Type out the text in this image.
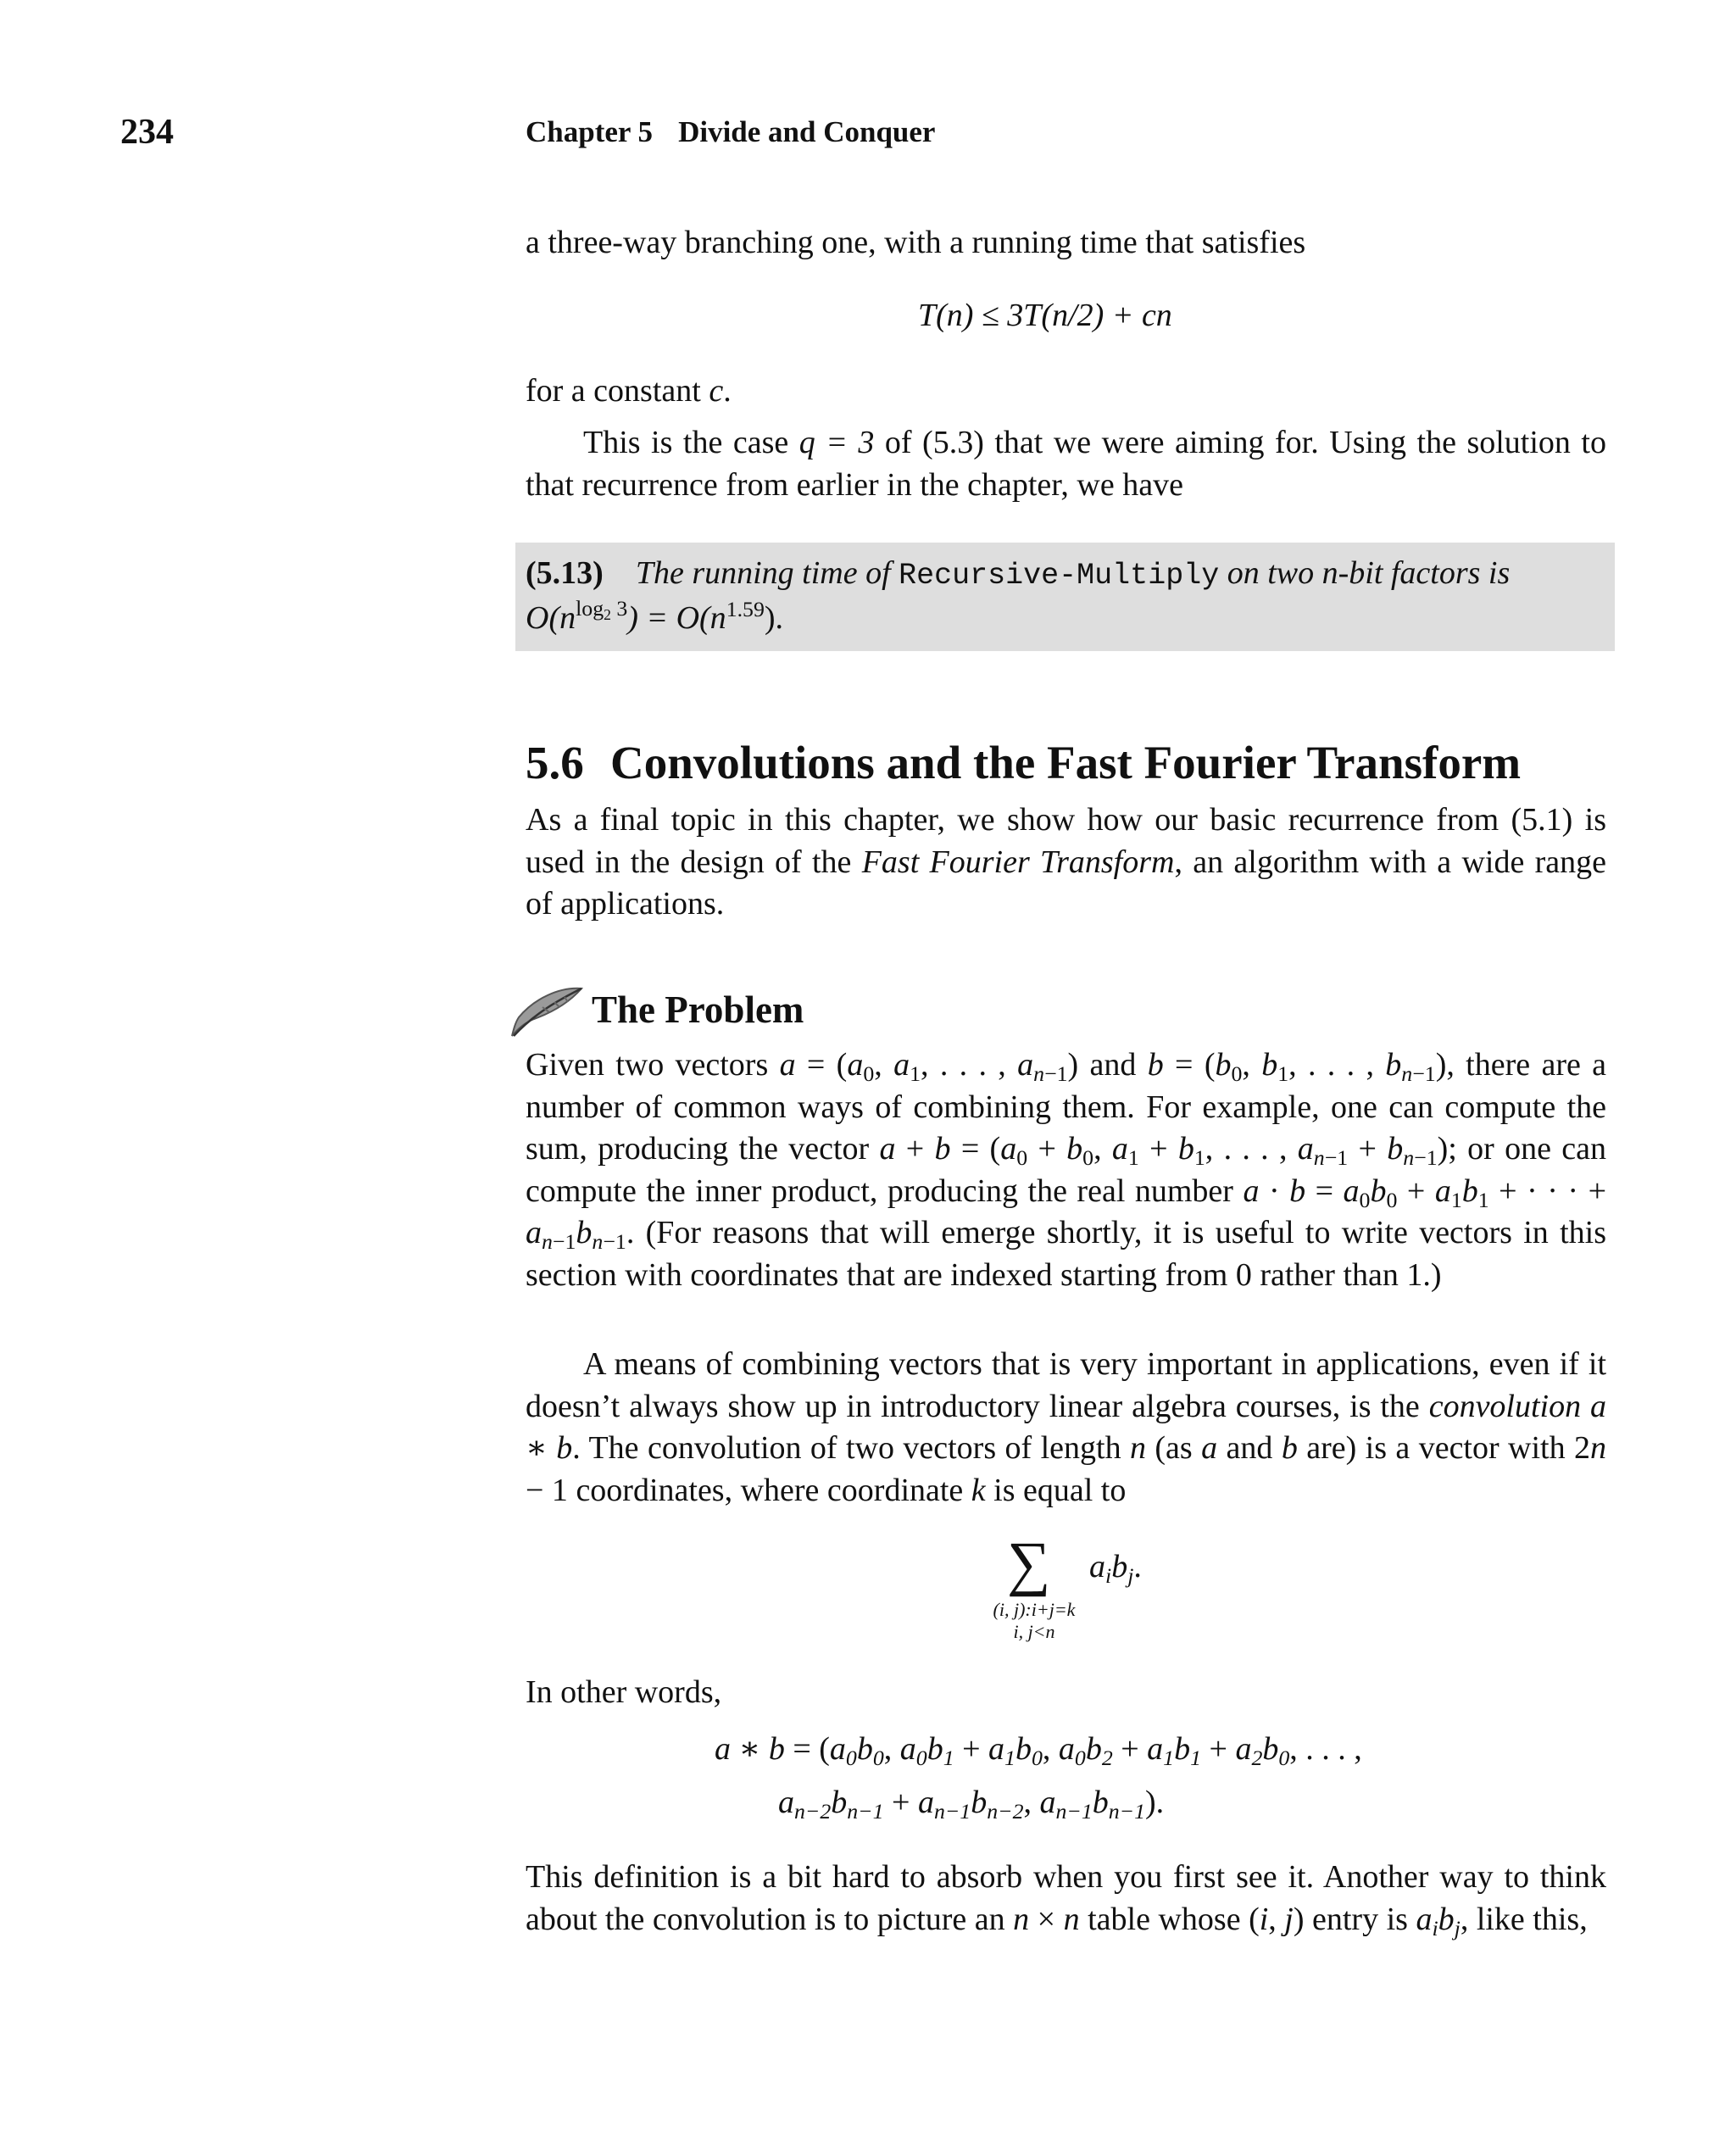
234	Chapter 5 Divide and Conquer

a three-way branching one, with a running time that satisfies

T(n) ≤ 3T(n/2) + cn

for a constant c.

This is the case q = 3 of (5.3) that we were aiming for. Using the solution to that recurrence from earlier in the chapter, we have

(5.13) The running time of Recursive-Multiply on two n-bit factors is
$O(n^{log_2 3}) = O(n^{1.59})$.

5.6 Convolutions and the Fast Fourier Transform

As a final topic in this chapter, we show how our basic recurrence from (5.1) is used in the design of the Fast Fourier Transform, an algorithm with a wide range of applications.

The Problem

Given two vectors $a = (a_0$, $a_1$, . . . , $a_{n-1}$) and $b = (b_0$, $b_1$, . . . , $b_{n-1}$), there are a number of common ways of combining them. For example, one can compute the sum, producing the vector $a + b = (a_0 + b_0$, $a_1 + b_1$, . . . , $a_{n-1} + b_{n-1}$); or one can compute the inner product, producing the real number $a \cdot b = a_0b_0 + a_1b_1$ + · · · + $a_{n-1}b_{n-1}$. (For reasons that will emerge shortly, it is useful to write vectors in this section with coordinates that are indexed starting from 0 rather than 1.)

A means of combining vectors that is very important in applications, even if it doesn’t always show up in introductory linear algebra courses, is the convolution a ∗ b. The convolution of two vectors of length n (as a and b are) is a vector with 2n − 1 coordinates, where coordinate k is equal to

∑ $a_ib_j$.
(i, j):i+j=k
i, j<n

In other words,

a ∗ $b = (a_0b_0$, $a_0b_1 + a_1b_0$, $a_0b_2 + a_1b_1 + a_2b_0$, . . . ,
$a_{n-2}b_{n-1} + a_{n-1}b_{n-2}$, $a_{n-1}b_{n-1}$).

This definition is a bit hard to absorb when you first see it. Another way to think about the convolution is to picture an n × n table whose (i, j) entry is $a_ib_j$, like this,
